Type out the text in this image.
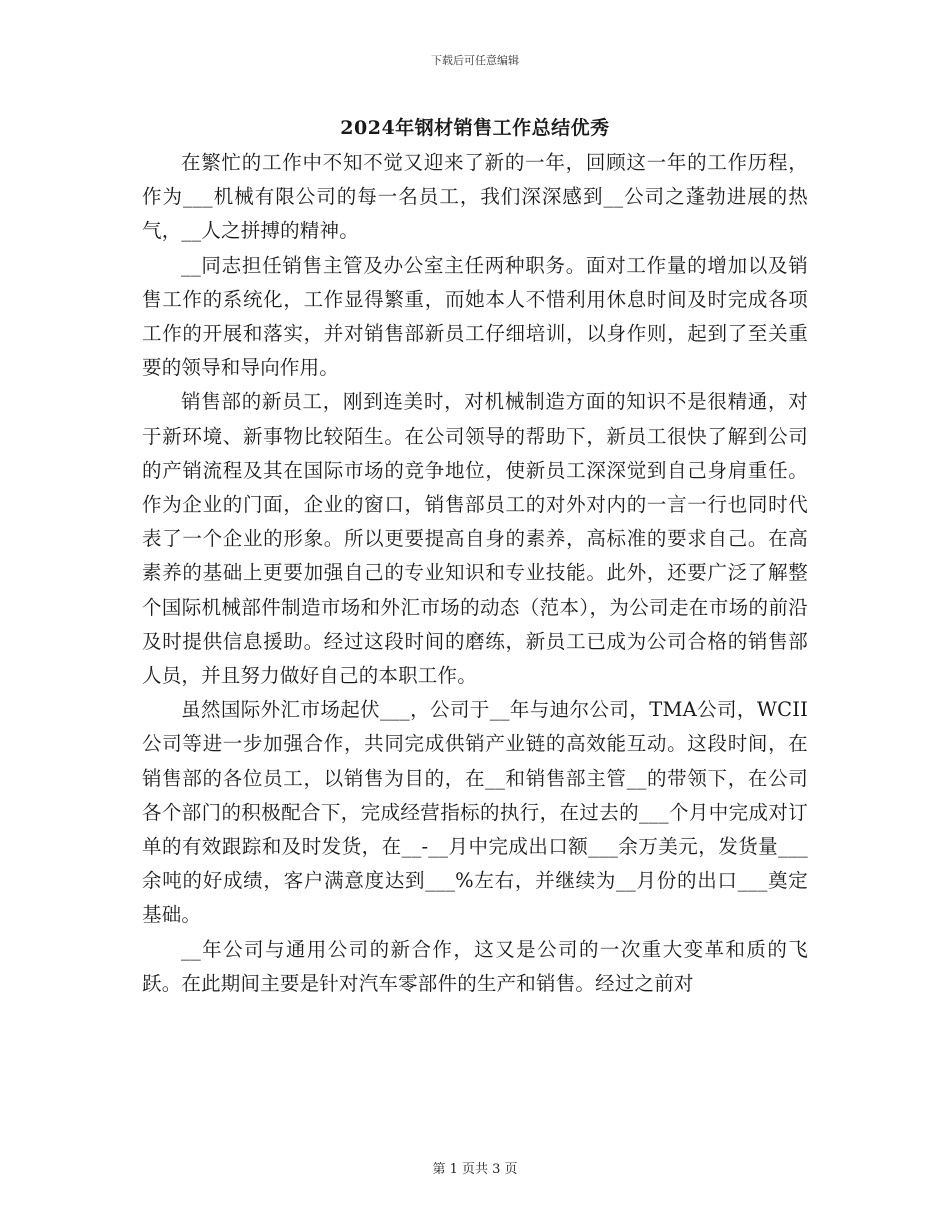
下载后可任意编辑
2024年钢材销售工作总结优秀

在繁忙的工作中不知不觉又迎来了新的一年，回顾这一年的工作历程，作为___机械有限公司的每一名员工，我们深深感到__公司之蓬勃进展的热气，__人之拼搏的精神。

__同志担任销售主管及办公室主任两种职务。面对工作量的增加以及销售工作的系统化，工作显得繁重，而她本人不惜利用休息时间及时完成各项工作的开展和落实，并对销售部新员工仔细培训，以身作则，起到了至关重要的领导和导向作用。

销售部的新员工，刚到连美时，对机械制造方面的知识不是很精通，对于新环境、新事物比较陌生。在公司领导的帮助下，新员工很快了解到公司的产销流程及其在国际市场的竞争地位，使新员工深深觉到自己身肩重任。作为企业的门面，企业的窗口，销售部员工的对外对内的一言一行也同时代表了一个企业的形象。所以更要提高自身的素养，高标准的要求自己。在高素养的基础上更要加强自己的专业知识和专业技能。此外，还要广泛了解整个国际机械部件制造市场和外汇市场的动态（范本），为公司走在市场的前沿及时提供信息援助。经过这段时间的磨练，新员工已成为公司合格的销售部人员，并且努力做好自己的本职工作。

虽然国际外汇市场起伏___，公司于__年与迪尔公司，TMA公司，WCII公司等进一步加强合作，共同完成供销产业链的高效能互动。这段时间，在销售部的各位员工，以销售为目的，在__和销售部主管__的带领下，在公司各个部门的积极配合下，完成经营指标的执行，在过去的___个月中完成对订单的有效跟踪和及时发货，在__-__月中完成出口额___余万美元，发货量___余吨的好成绩，客户满意度达到___%左右，并继续为__月份的出口___奠定基础。

__年公司与通用公司的新合作，这又是公司的一次重大变革和质的飞跃。在此期间主要是针对汽车零部件的生产和销售。经过之前对

第 1 页共 3 页
